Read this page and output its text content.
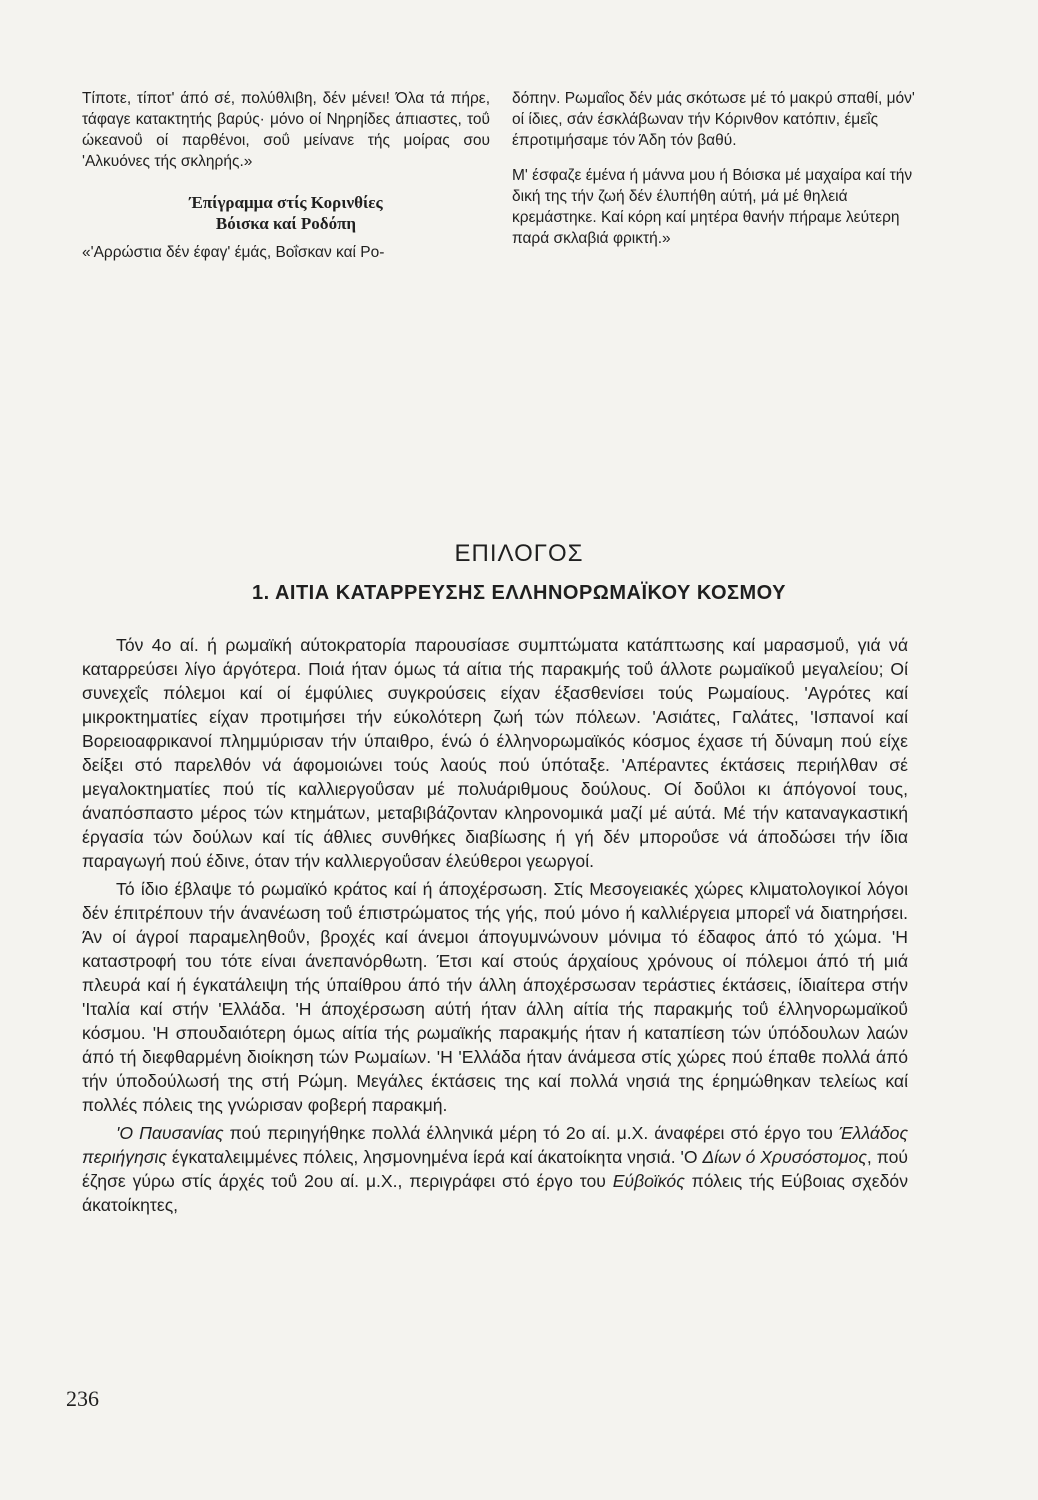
Τίποτε, τίποτ' άπό σέ, πολύθλιβη, δέν μένει! Όλα τά πήρε, τάφαγε κατακτητής βαρύς· μόνο οί Νηρηίδες άπιαστες, τοΰ ώκεανοΰ οί παρθένοι, σοΰ μείνανε τής μοίρας σου 'Αλκυόνες τής σκληρής.»

Έπίγραμμα στίς Κορινθίες
Βόισκα καί Ροδόπη

«'Αρρώστια δέν έφαγ' έμάς, Βοΐσκαν καί Ρο-

δόπην. Ρωμαΐος δέν μάς σκότωσε μέ τό μακρύ σπαθί, μόν' οί ίδιες, σάν έσκλάβωναν τήν Κόρινθον κατόπιν, έμεΐς έπροτιμήσαμε τόν Άδη τόν βαθύ.

Μ' έσφαζε έμένα ή μάννα μου ή Βόισκα μέ μαχαίρα καί τήν δική της τήν ζωή δέν έλυπήθη αύτή, μά μέ θηλειά κρεμάστηκε. Καί κόρη καί μητέρα θανήν πήραμε λεύτερη παρά σκλαβιά φρικτή.»

ΕΠΙΛΟΓΟΣ
1. ΑΙΤΙΑ ΚΑΤΑΡΡΕΥΣΗΣ ΕΛΛΗΝΟΡΩΜΑΪΚΟΥ ΚΟΣΜΟΥ

Τόν 4ο αί. ή ρωμαϊκή αύτοκρατορία παρουσίασε συμπτώματα κατάπτωσης καί μαρασμοΰ, γιά νά καταρρεύσει λίγο άργότερα. Ποιά ήταν όμως τά αίτια τής παρακμής τοΰ άλλοτε ρωμαϊκοΰ μεγαλείου; Οί συνεχεΐς πόλεμοι καί οί έμφύλιες συγκρούσεις είχαν έξασθενίσει τούς Ρωμαίους. 'Αγρότες καί μικροκτηματίες είχαν προτιμήσει τήν εύκολότερη ζωή τών πόλεων. 'Ασιάτες, Γαλάτες, 'Ισπανοί καί Βορειοαφρικανοί πλημμύρισαν τήν ύπαιθρο, ένώ ό έλληνορωμαϊκός κόσμος έχασε τή δύναμη πού είχε δείξει στό παρελθόν νά άφομοιώνει τούς λαούς πού ύπόταξε. 'Απέραντες έκτάσεις περιήλθαν σέ μεγαλοκτηματίες πού τίς καλλιεργοΰσαν μέ πολυάριθμους δούλους. Οί δοΰλοι κι άπόγονοί τους, άναπόσπαστο μέρος τών κτημάτων, μεταβιβάζονταν κληρονομικά μαζί μέ αύτά. Μέ τήν καταναγκαστική έργασία τών δούλων καί τίς άθλιες συνθήκες διαβίωσης ή γή δέν μποροΰσε νά άποδώσει τήν ίδια παραγωγή πού έδινε, όταν τήν καλλιεργοΰσαν έλεύθεροι γεωργοί.

Τό ίδιο έβλαψε τό ρωμαϊκό κράτος καί ή άποχέρσωση. Στίς Μεσογειακές χώρες κλιματολογικοί λόγοι δέν έπιτρέπουν τήν άνανέωση τοΰ έπιστρώματος τής γής, πού μόνο ή καλλιέργεια μπορεΐ νά διατηρήσει. Άν οί άγροί παραμεληθοΰν, βροχές καί άνεμοι άπογυμνώνουν μόνιμα τό έδαφος άπό τό χώμα. 'Η καταστροφή του τότε είναι άνεπανόρθωτη. Έτσι καί στούς άρχαίους χρόνους οί πόλεμοι άπό τή μιά πλευρά καί ή έγκατάλειψη τής ύπαίθρου άπό τήν άλλη άποχέρσωσαν τεράστιες έκτάσεις, ίδιαίτερα στήν 'Ιταλία καί στήν 'Ελλάδα. 'Η άποχέρσωση αύτή ήταν άλλη αίτία τής παρακμής τοΰ έλληνορωμαϊκοΰ κόσμου. 'Η σπουδαιότερη όμως αίτία τής ρωμαϊκής παρακμής ήταν ή καταπίεση τών ύπόδουλων λαών άπό τή διεφθαρμένη διοίκηση τών Ρωμαίων. 'Η 'Ελλάδα ήταν άνάμεσα στίς χώρες πού έπαθε πολλά άπό τήν ύποδούλωσή της στή Ρώμη. Μεγάλες έκτάσεις της καί πολλά νησιά της έρημώθηκαν τελείως καί πολλές πόλεις της γνώρισαν φοβερή παρακμή.

'Ο Παυσανίας πού περιηγήθηκε πολλά έλληνικά μέρη τό 2ο αί. μ.Χ. άναφέρει στό έργο του Έλλάδος περιήγησις έγκαταλειμμένες πόλεις, λησμονημένα ίερά καί άκατοίκητα νησιά. 'Ο Δίων ό Χρυσόστομος, πού έζησε γύρω στίς άρχές τοΰ 2ου αί. μ.Χ., περιγράφει στό έργο του Εύβοϊκός πόλεις τής Εύβοιας σχεδόν άκατοίκητες,

236
